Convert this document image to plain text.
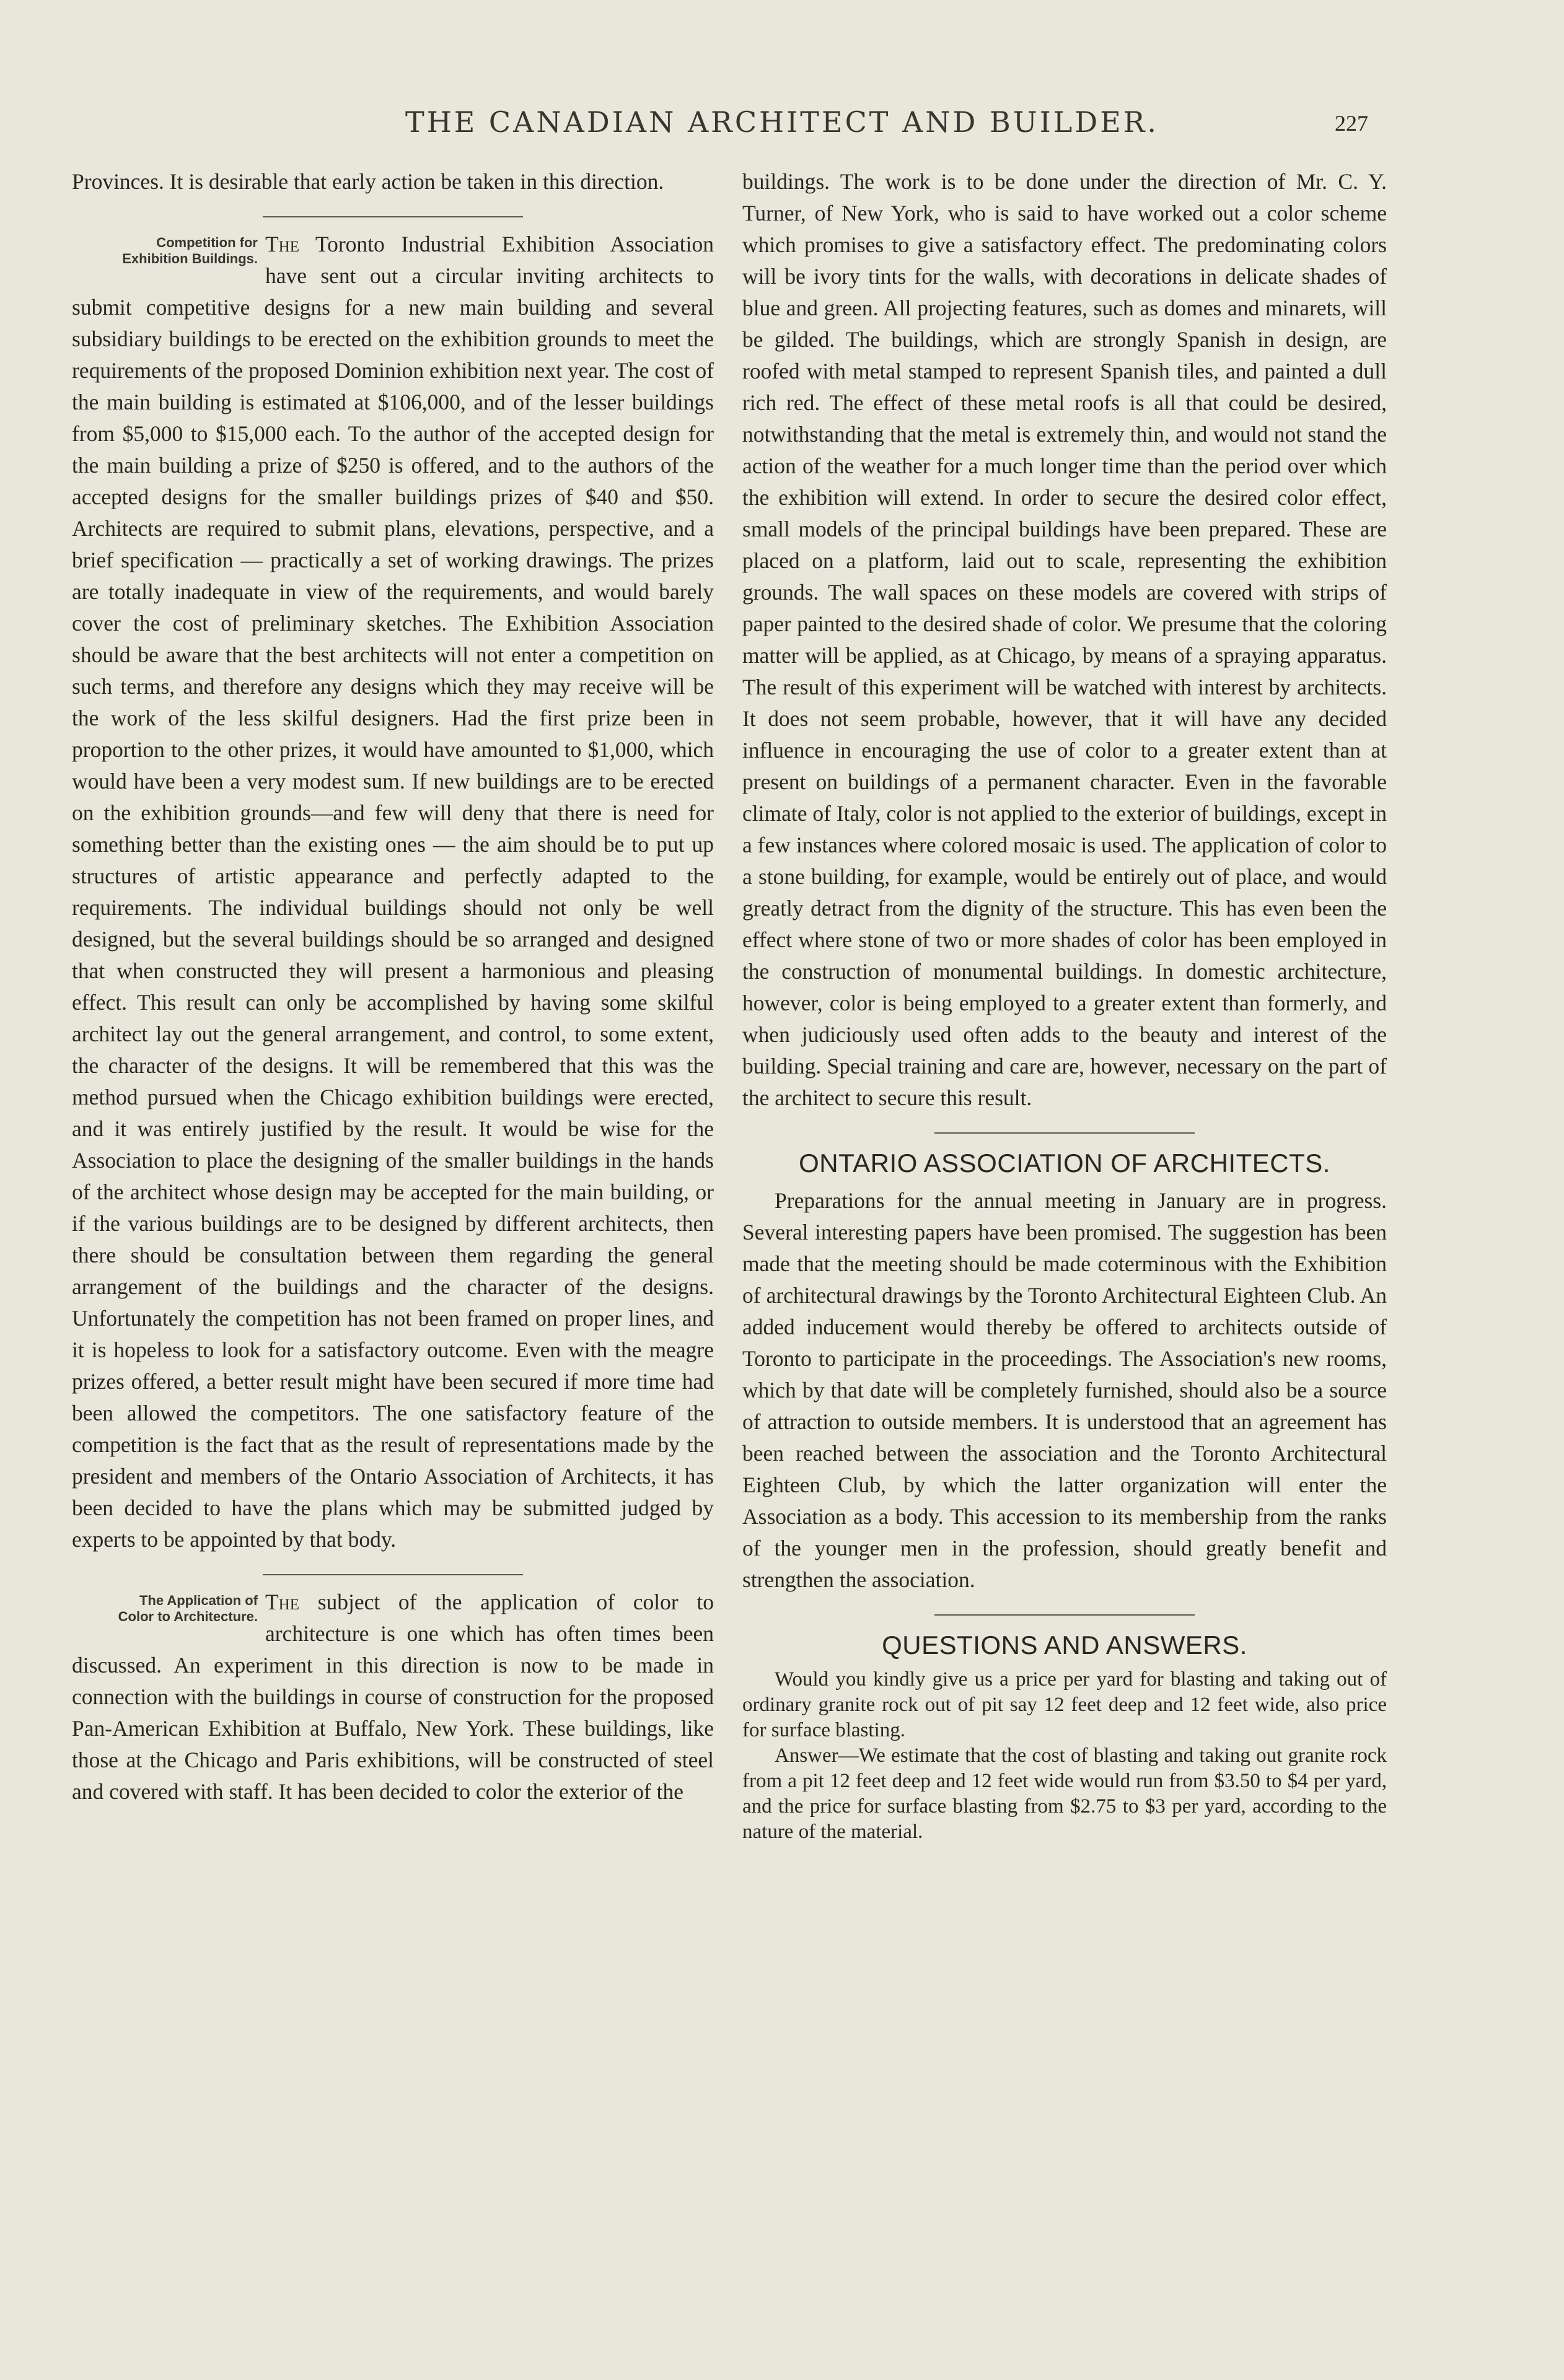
THE CANADIAN ARCHITECT AND BUILDER.	227

Provinces. It is desirable that early action be taken in this direction.

Competition for
Exhibition Buildings.

The Toronto Industrial Exhibition Association have sent out a circular inviting architects to submit competitive designs for a new main building and several subsidiary buildings to be erected on the exhibition grounds to meet the requirements of the proposed Dominion exhibition next year. The cost of the main building is estimated at $106,000, and of the lesser buildings from $5,000 to $15,000 each. To the author of the accepted design for the main building a prize of $250 is offered, and to the authors of the accepted designs for the smaller buildings prizes of $40 and $50. Architects are required to submit plans, elevations, perspective, and a brief specification — practically a set of working drawings. The prizes are totally inadequate in view of the requirements, and would barely cover the cost of preliminary sketches. The Exhibition Association should be aware that the best architects will not enter a competition on such terms, and therefore any designs which they may receive will be the work of the less skilful designers. Had the first prize been in proportion to the other prizes, it would have amounted to $1,000, which would have been a very modest sum. If new buildings are to be erected on the exhibition grounds—and few will deny that there is need for something better than the existing ones — the aim should be to put up structures of artistic appearance and perfectly adapted to the requirements. The individual buildings should not only be well designed, but the several buildings should be so arranged and designed that when constructed they will present a harmonious and pleasing effect. This result can only be accomplished by having some skilful architect lay out the general arrangement, and control, to some extent, the character of the designs. It will be remembered that this was the method pursued when the Chicago exhibition buildings were erected, and it was entirely justified by the result. It would be wise for the Association to place the designing of the smaller buildings in the hands of the architect whose design may be accepted for the main building, or if the various buildings are to be designed by different architects, then there should be consultation between them regarding the general arrangement of the buildings and the character of the designs. Unfortunately the competition has not been framed on proper lines, and it is hopeless to look for a satisfactory outcome. Even with the meagre prizes offered, a better result might have been secured if more time had been allowed the competitors. The one satisfactory feature of the competition is the fact that as the result of representations made by the president and members of the Ontario Association of Architects, it has been decided to have the plans which may be submitted judged by experts to be appointed by that body.

The Application of
Color to Architecture.

The subject of the application of color to architecture is one which has often times been discussed. An experiment in this direction is now to be made in connection with the buildings in course of construction for the proposed Pan-American Exhibition at Buffalo, New York. These buildings, like those at the Chicago and Paris exhibitions, will be constructed of steel and covered with staff. It has been decided to color the exterior of the

buildings. The work is to be done under the direction of Mr. C. Y. Turner, of New York, who is said to have worked out a color scheme which promises to give a satisfactory effect. The predominating colors will be ivory tints for the walls, with decorations in delicate shades of blue and green. All projecting features, such as domes and minarets, will be gilded. The buildings, which are strongly Spanish in design, are roofed with metal stamped to represent Spanish tiles, and painted a dull rich red. The effect of these metal roofs is all that could be desired, notwithstanding that the metal is extremely thin, and would not stand the action of the weather for a much longer time than the period over which the exhibition will extend. In order to secure the desired color effect, small models of the principal buildings have been prepared. These are placed on a platform, laid out to scale, representing the exhibition grounds. The wall spaces on these models are covered with strips of paper painted to the desired shade of color. We presume that the coloring matter will be applied, as at Chicago, by means of a spraying apparatus. The result of this experiment will be watched with interest by architects. It does not seem probable, however, that it will have any decided influence in encouraging the use of color to a greater extent than at present on buildings of a permanent character. Even in the favorable climate of Italy, color is not applied to the exterior of buildings, except in a few instances where colored mosaic is used. The application of color to a stone building, for example, would be entirely out of place, and would greatly detract from the dignity of the structure. This has even been the effect where stone of two or more shades of color has been employed in the construction of monumental buildings. In domestic architecture, however, color is being employed to a greater extent than formerly, and when judiciously used often adds to the beauty and interest of the building. Special training and care are, however, necessary on the part of the architect to secure this result.

ONTARIO ASSOCIATION OF ARCHITECTS.

Preparations for the annual meeting in January are in progress. Several interesting papers have been promised. The suggestion has been made that the meeting should be made coterminous with the Exhibition of architectural drawings by the Toronto Architectural Eighteen Club. An added inducement would thereby be offered to architects outside of Toronto to participate in the proceedings. The Association's new rooms, which by that date will be completely furnished, should also be a source of attraction to outside members. It is understood that an agreement has been reached between the association and the Toronto Architectural Eighteen Club, by which the latter organization will enter the Association as a body. This accession to its membership from the ranks of the younger men in the profession, should greatly benefit and strengthen the association.

QUESTIONS AND ANSWERS.

Would you kindly give us a price per yard for blasting and taking out of ordinary granite rock out of pit say 12 feet deep and 12 feet wide, also price for surface blasting.

Answer—We estimate that the cost of blasting and taking out granite rock from a pit 12 feet deep and 12 feet wide would run from $3.50 to $4 per yard, and the price for surface blasting from $2.75 to $3 per yard, according to the nature of the material.
